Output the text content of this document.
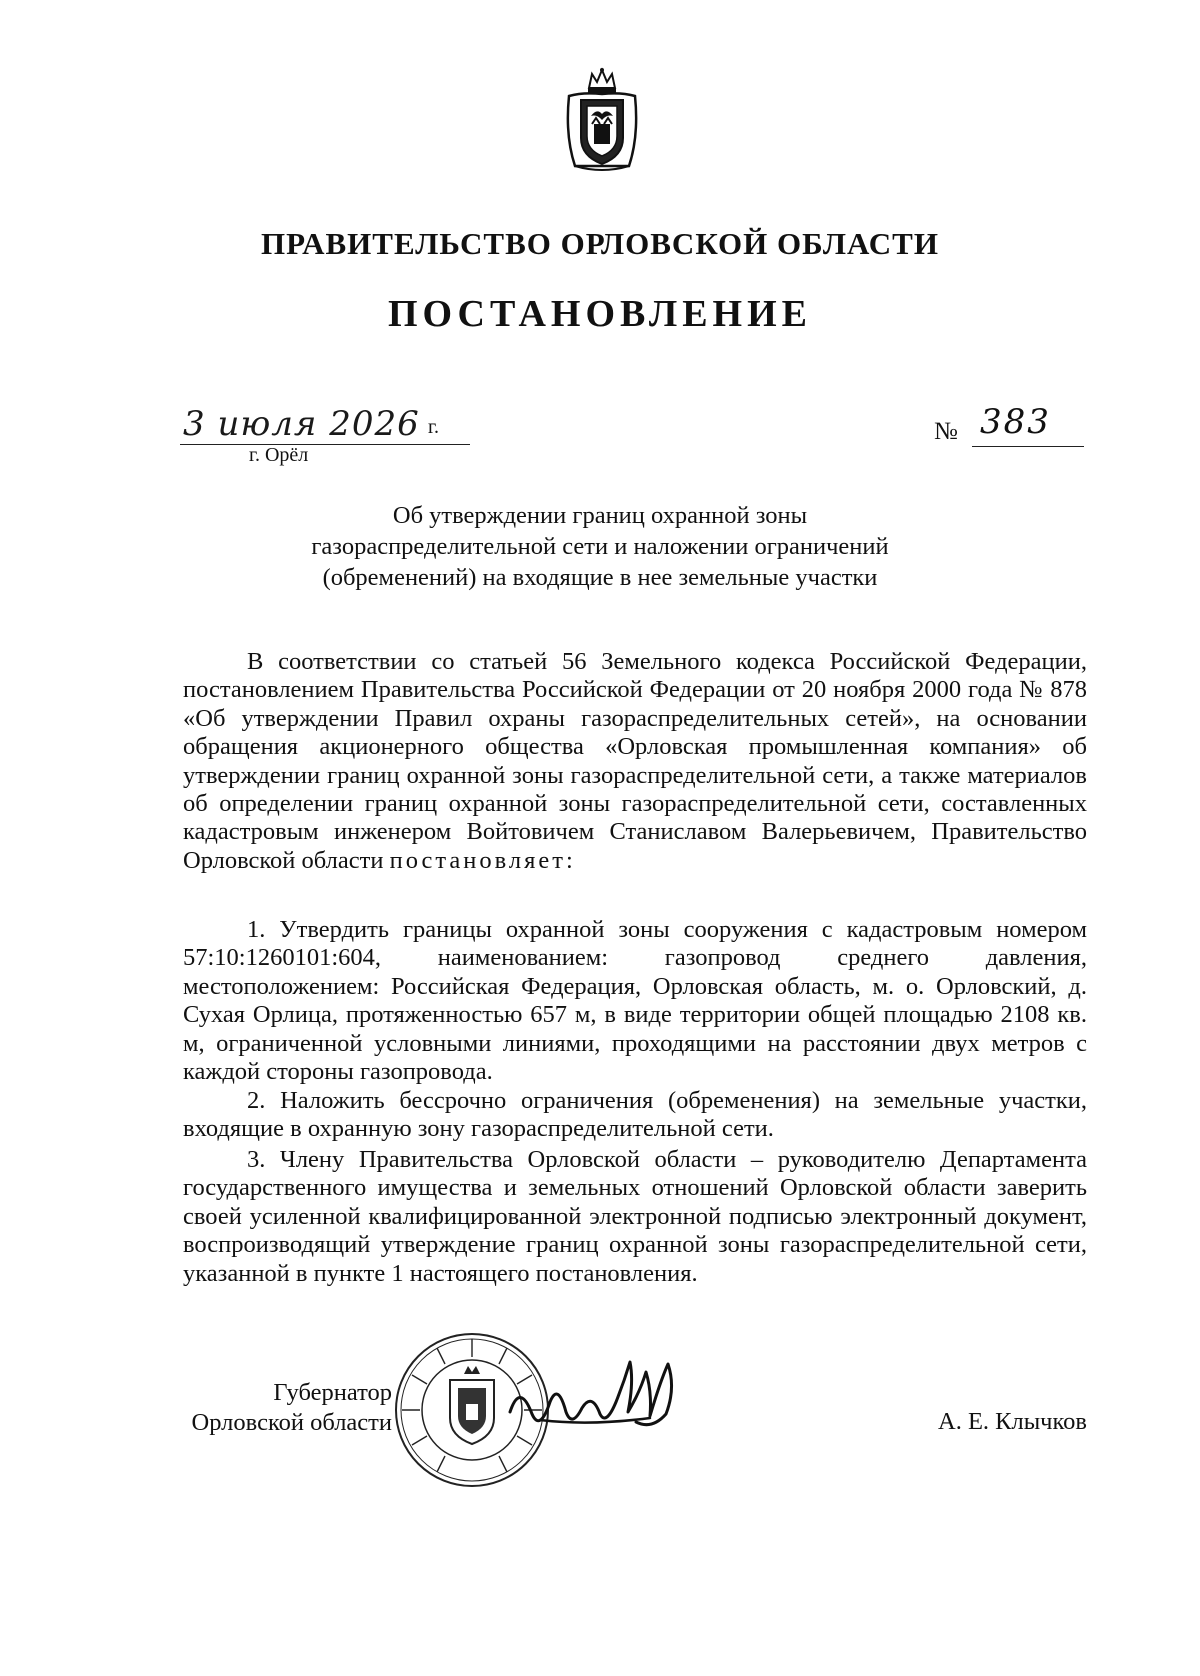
ПРАВИТЕЛЬСТВО ОРЛОВСКОЙ ОБЛАСТИ
ПОСТАНОВЛЕНИЕ
3 июля 2026 г.
г. Орёл
№ 383
Об утверждении границ охранной зоны
газораспределительной сети и наложении ограничений
(обременений) на входящие в нее земельные участки

В соответствии со статьей 56 Земельного кодекса Российской Федерации, постановлением Правительства Российской Федерации от 20 ноября 2000 года № 878 «Об утверждении Правил охраны газораспределительных сетей», на основании обращения акционерного общества «Орловская промышленная компания» об утверждении границ охранной зоны газораспределительной сети, а также материалов об определении границ охранной зоны газораспределительной сети, составленных кадастровым инженером Войтовичем Станиславом Валерьевичем, Правительство Орловской области постановляет:

1. Утвердить границы охранной зоны сооружения с кадастровым номером 57:10:1260101:604, наименованием: газопровод среднего давления, местоположением: Российская Федерация, Орловская область, м. о. Орловский, д. Сухая Орлица, протяженностью 657 м, в виде территории общей площадью 2108 кв. м, ограниченной условными линиями, проходящими на расстоянии двух метров с каждой стороны газопровода.

2. Наложить бессрочно ограничения (обременения) на земельные участки, входящие в охранную зону газораспределительной сети.

3. Члену Правительства Орловской области – руководителю Департамента государственного имущества и земельных отношений Орловской области заверить своей усиленной квалифицированной электронной подписью электронный документ, воспроизводящий утверждение границ охранной зоны газораспределительной сети, указанной в пункте 1 настоящего постановления.

Губернатор
Орловской области	А. Е. Клычков
